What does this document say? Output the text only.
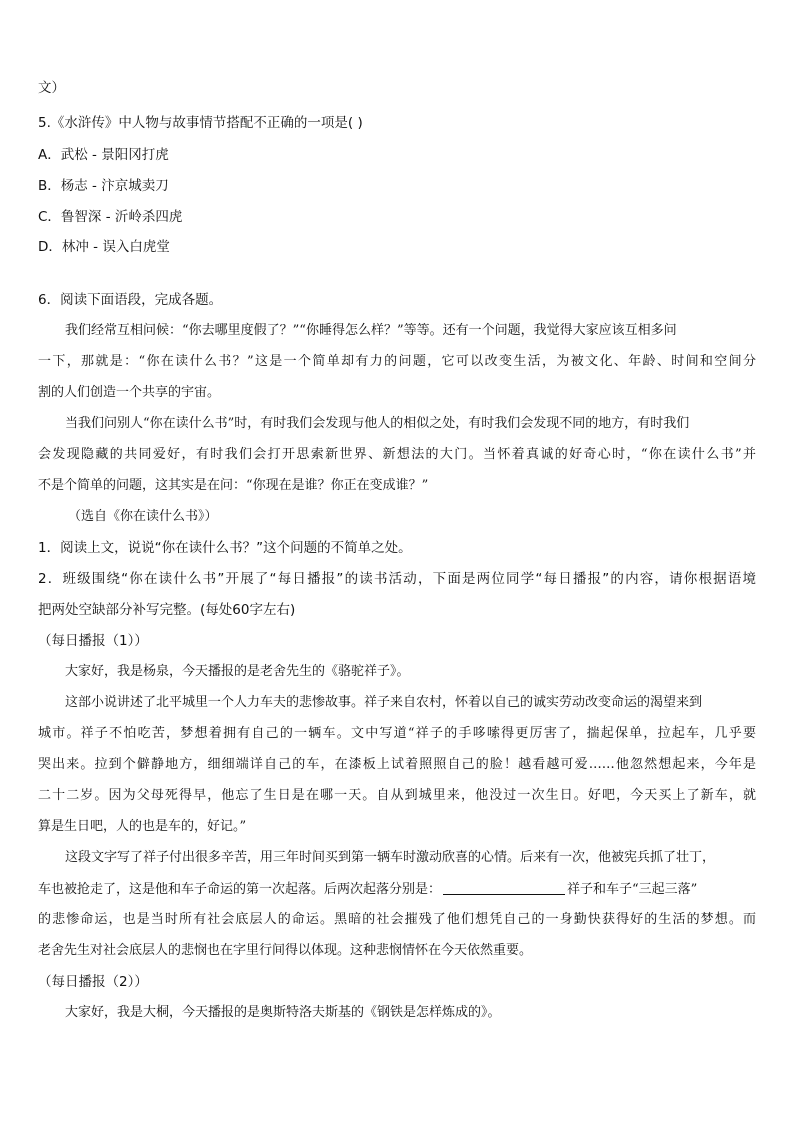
文）
5.《水浒传》中人物与故事情节搭配不正确的一项是( )
A．武松 - 景阳冈打虎
B．杨志 - 汴京城卖刀
C．鲁智深 - 沂岭杀四虎
D．林冲 - 误入白虎堂
6．阅读下面语段，完成各题。
我们经常互相问候：“你去哪里度假了？”“你睡得怎么样？”等等。还有一个问题，我觉得大家应该互相多问
一下，那就是：“你在读什么书？”这是一个简单却有力的问题，它可以改变生活，为被文化、年龄、时间和空间分
割的人们创造一个共享的宇宙。
当我们问别人“你在读什么书”时，有时我们会发现与他人的相似之处，有时我们会发现不同的地方，有时我们
会发现隐藏的共同爱好，有时我们会打开思索新世界、新想法的大门。当怀着真诚的好奇心时，“你在读什么书”并
不是个简单的问题，这其实是在问：“你现在是谁？你正在变成谁？”
（选自《你在读什么书》）
1．阅读上文，说说“你在读什么书？”这个问题的不简单之处。
2．班级围绕“你在读什么书”开展了“每日播报”的读书活动，下面是两位同学“每日播报”的内容，请你根据语境
把两处空缺部分补写完整。(每处60字左右)
（每日播报（1））
大家好，我是杨泉，今天播报的是老舍先生的《骆驼祥子》。
这部小说讲述了北平城里一个人力车夫的悲惨故事。祥子来自农村，怀着以自己的诚实劳动改变命运的渴望来到
城市。祥子不怕吃苦，梦想着拥有自己的一辆车。文中写道“祥子的手哆嗦得更厉害了，揣起保单，拉起车，几乎要
哭出来。拉到个僻静地方，细细端详自己的车，在漆板上试着照照自己的脸！越看越可爱……他忽然想起来，今年是
二十二岁。因为父母死得早，他忘了生日是在哪一天。自从到城里来，他没过一次生日。好吧，今天买上了新车，就
算是生日吧，人的也是车的，好记。”
这段文字写了祥子付出很多辛苦，用三年时间买到第一辆车时激动欣喜的心情。后来有一次，他被宪兵抓了壮丁，
车也被抢走了，这是他和车子命运的第一次起落。后两次起落分别是：	祥子和车子“三起三落”
的悲惨命运，也是当时所有社会底层人的命运。黑暗的社会摧残了他们想凭自己的一身勤快获得好的生活的梦想。而
老舍先生对社会底层人的悲悯也在字里行间得以体现。这种悲悯情怀在今天依然重要。
（每日播报（2））
大家好，我是大桐，今天播报的是奥斯特洛夫斯基的《钢铁是怎样炼成的》。
